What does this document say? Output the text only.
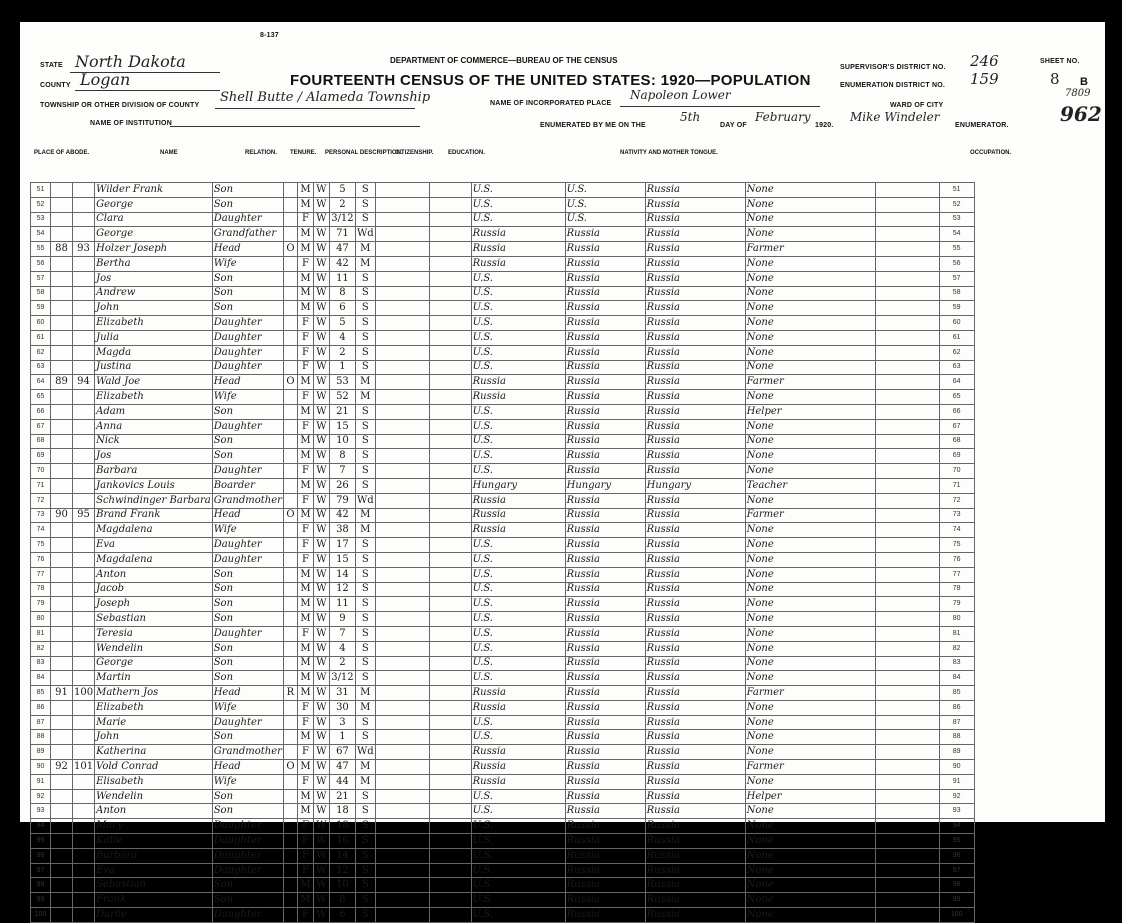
STATE North Dakota
COUNTY Logan
TOWNSHIP OR OTHER DIVISION OF COUNTY
Shell Butte / Alameda Township
NAME OF INSTITUTION
8-137
DEPARTMENT OF COMMERCE—BUREAU OF THE CENSUS
FOURTEENTH CENSUS OF THE UNITED STATES: 1920—POPULATION
NAME OF INCORPORATED PLACE
Napoleon Lower
ENUMERATED BY ME ON THE
5th
DAY OF
February
1920.
Mike Windeler
ENUMERATOR.
WARD OF CITY
SUPERVISOR'S DISTRICT NO. 246
ENUMERATION DISTRICT NO. 159
SHEET NO.
8 B
7809
962
PLACE OF ABODE.	NAME	RELATION. TENURE. PERSONAL DESCRIPTION.
CITIZENSHIP. EDUCATION.	NATIVITY AND MOTHER TONGUE.	OCCUPATION.
51			Wilder Frank	Son		M	W	5	S			U.S.	U.S.	Russia	None		51
52			George	Son		M	W	2	S			U.S.	U.S.	Russia	None		52
53			Clara	Daughter		F	W	3/12	S			U.S.	U.S.	Russia	None		53
54			George	Grandfather		M	W	71	Wd			Russia	Russia	Russia	None		54
55	88	93	Holzer Joseph	Head	O	M	W	47	M			Russia	Russia	Russia	Farmer		55
56			Bertha	Wife		F	W	42	M			Russia	Russia	Russia	None		56
57			Jos	Son		M	W	11	S			U.S.	Russia	Russia	None		57
58			Andrew	Son		M	W	8	S			U.S.	Russia	Russia	None		58
59			John	Son		M	W	6	S			U.S.	Russia	Russia	None		59
60			Elizabeth	Daughter		F	W	5	S			U.S.	Russia	Russia	None		60
61			Julia	Daughter		F	W	4	S			U.S.	Russia	Russia	None		61
62			Magda	Daughter		F	W	2	S			U.S.	Russia	Russia	None		62
63			Justina	Daughter		F	W	1	S			U.S.	Russia	Russia	None		63
64	89	94	Wald Joe	Head	O	M	W	53	M			Russia	Russia	Russia	Farmer		64
65			Elizabeth	Wife		F	W	52	M			Russia	Russia	Russia	None		65
66			Adam	Son		M	W	21	S			U.S.	Russia	Russia	Helper		66
67			Anna	Daughter		F	W	15	S			U.S.	Russia	Russia	None		67
68			Nick	Son		M	W	10	S			U.S.	Russia	Russia	None		68
69			Jos	Son		M	W	8	S			U.S.	Russia	Russia	None		69
70			Barbara	Daughter		F	W	7	S			U.S.	Russia	Russia	None		70
71			Jankovics Louis	Boarder		M	W	26	S			Hungary	Hungary	Hungary	Teacher		71
72			Schwindinger Barbara	Grandmother		F	W	79	Wd			Russia	Russia	Russia	None		72
73	90	95	Brand Frank	Head	O	M	W	42	M			Russia	Russia	Russia	Farmer		73
74			Magdalena	Wife		F	W	38	M			Russia	Russia	Russia	None		74
75			Eva	Daughter		F	W	17	S			U.S.	Russia	Russia	None		75
76			Magdalena	Daughter		F	W	15	S			U.S.	Russia	Russia	None		76
77			Anton	Son		M	W	14	S			U.S.	Russia	Russia	None		77
78			Jacob	Son		M	W	12	S			U.S.	Russia	Russia	None		78
79			Joseph	Son		M	W	11	S			U.S.	Russia	Russia	None		79
80			Sebastian	Son		M	W	9	S			U.S.	Russia	Russia	None		80
81			Teresia	Daughter		F	W	7	S			U.S.	Russia	Russia	None		81
82			Wendelin	Son		M	W	4	S			U.S.	Russia	Russia	None		82
83			George	Son		M	W	2	S			U.S.	Russia	Russia	None		83
84			Martin	Son		M	W	3/12	S			U.S.	Russia	Russia	None		84
85	91	100	Mathern Jos	Head	R	M	W	31	M			Russia	Russia	Russia	Farmer		85
86			Elizabeth	Wife		F	W	30	M			Russia	Russia	Russia	None		86
87			Marie	Daughter		F	W	3	S			U.S.	Russia	Russia	None		87
88			John	Son		M	W	1	S			U.S.	Russia	Russia	None		88
89			Katherina	Grandmother		F	W	67	Wd			Russia	Russia	Russia	None		89
90	92	101	Vold Conrad	Head	O	M	W	47	M			Russia	Russia	Russia	Farmer		90
91			Elisabeth	Wife		F	W	44	M			Russia	Russia	Russia	None		91
92			Wendelin	Son		M	W	21	S			U.S.	Russia	Russia	Helper		92
93			Anton	Son		M	W	18	S			U.S.	Russia	Russia	None		93
94			Mary	Daughter		F	W	18	S			U.S.	Russia	Russia	None		94
95			Katie	Daughter		F	W	16	S			U.S.	Russia	Russia	None		95
96			Barbara	Daughter		F	W	14	S			U.S.	Russia	Russia	None		96
97			Eva	Daughter		F	W	12	S			U.S.	Russia	Russia	None		97
98			Sebastian	Son		M	W	10	S			U.S.	Russia	Russia	None		98
99			Frank	Son		M	W	8	S			U.S.	Russia	Russia	None		99
100			Darlie	Daughter		F	W	6	S			U.S.	Russia	Russia	None		100
